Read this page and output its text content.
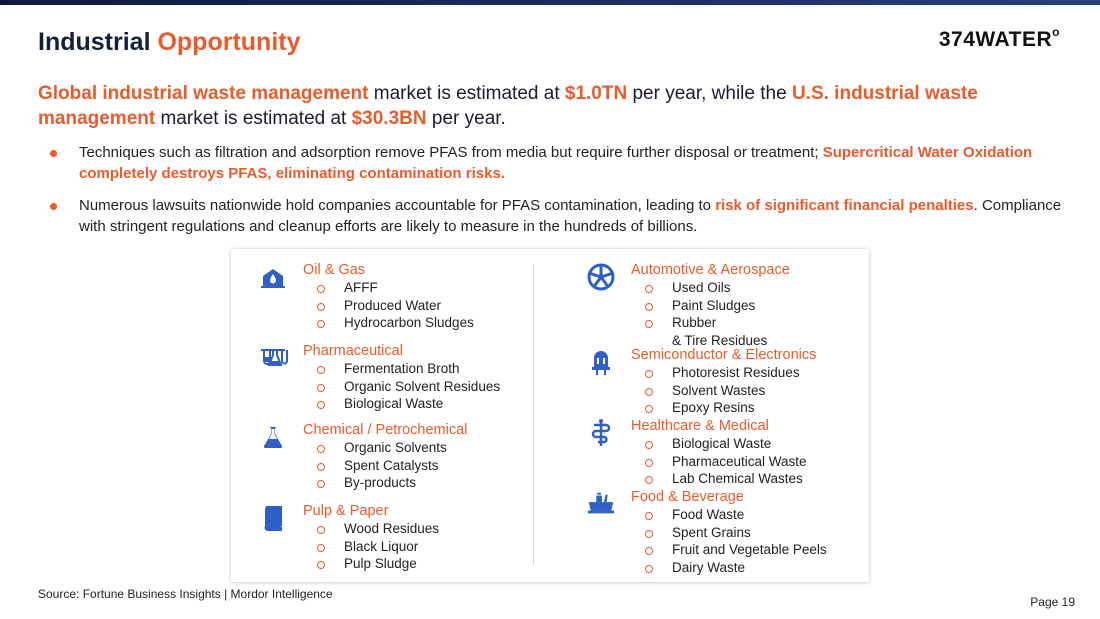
Industrial Opportunity	374WATER$^o$

Global industrial waste management market is estimated at $1.0TN per year, while the U.S. industrial waste management market is estimated at $30.3BN per year.

Techniques such as filtration and adsorption remove PFAS from media but require further disposal or treatment; Supercritical Water Oxidation completely destroys PFAS, eliminating contamination risks.
Numerous lawsuits nationwide hold companies accountable for PFAS contamination, leading to risk of significant financial penalties. Compliance with stringent regulations and cleanup efforts are likely to measure in the hundreds of billions.
Oil & Gas
AFFF
Produced Water
Hydrocarbon Sludges
Pharmaceutical
Fermentation Broth
Organic Solvent Residues
Biological Waste
Chemical / Petrochemical
Organic Solvents
Spent Catalysts
By-products
Pulp & Paper
Wood Residues
Black Liquor
Pulp Sludge
Automotive & Aerospace
Used Oils
Paint Sludges
Rubber
& Tire Residues
Semiconductor & Electronics
Photoresist Residues
Solvent Wastes
Epoxy Resins
Healthcare & Medical
Biological Waste
Pharmaceutical Waste
Lab Chemical Wastes
Food & Beverage
Food Waste
Spent Grains
Fruit and Vegetable Peels
Dairy Waste
Source: Fortune Business Insights | Mordor Intelligence
Page 19
